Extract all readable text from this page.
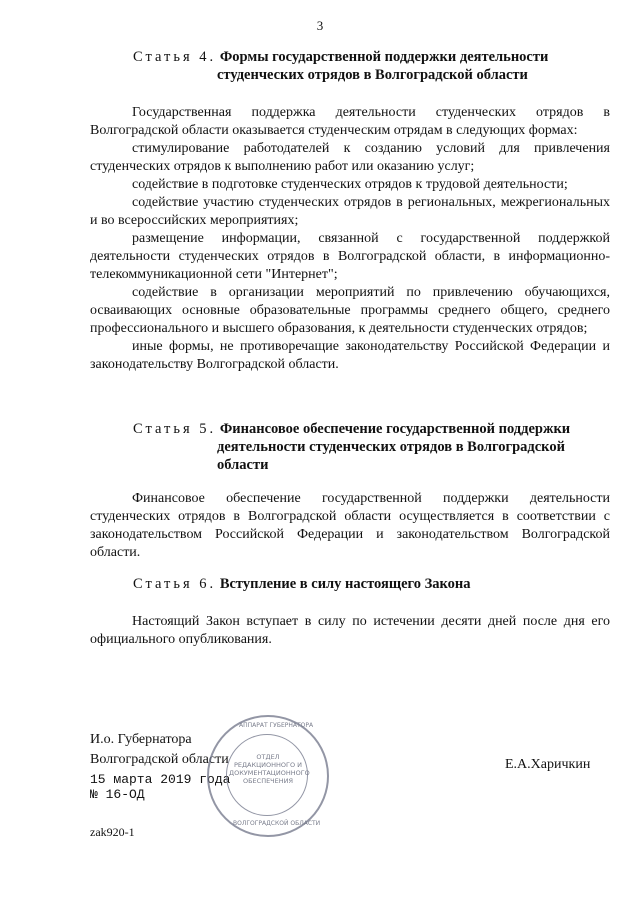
3
Статья 4. Формы государственной поддержки деятельности
студенческих отрядов в Волгоградской области

Государственная поддержка деятельности студенческих отрядов в Волгоградской области оказывается студенческим отрядам в следующих формах:

стимулирование работодателей к созданию условий для привлечения студенческих отрядов к выполнению работ или оказанию услуг;

содействие в подготовке студенческих отрядов к трудовой деятельности;

содействие участию студенческих отрядов в региональных, межрегиональных и во всероссийских мероприятиях;

размещение информации, связанной с государственной поддержкой деятельности студенческих отрядов в Волгоградской области, в информационно-телекоммуникационной сети "Интернет";

содействие в организации мероприятий по привлечению обучающихся, осваивающих основные образовательные программы среднего общего, среднего профессионального и высшего образования, к деятельности студенческих отрядов;

иные формы, не противоречащие законодательству Российской Федерации и законодательству Волгоградской области.

Статья 5. Финансовое обеспечение государственной поддержки
деятельности студенческих отрядов в Волгоградской
области

Финансовое обеспечение государственной поддержки деятельности студенческих отрядов в Волгоградской области осуществляется в соответствии с законодательством Российской Федерации и законодательством Волгоградской области.

Статья 6. Вступление в силу настоящего Закона

Настоящий Закон вступает в силу по истечении десяти дней после дня его официального опубликования.

И.о. Губернатора
Волгоградской области	Е.А.Харичкин
15 марта 2019 года
№ 16-ОД
zak920-1
АППАРАТ ГУБЕРНАТОРА
ВОЛГОГРАДСКОЙ ОБЛАСТИ
ОТДЕЛ РЕДАКЦИОННОГО И ДОКУМЕНТАЦИОННОГО ОБЕСПЕЧЕНИЯ
